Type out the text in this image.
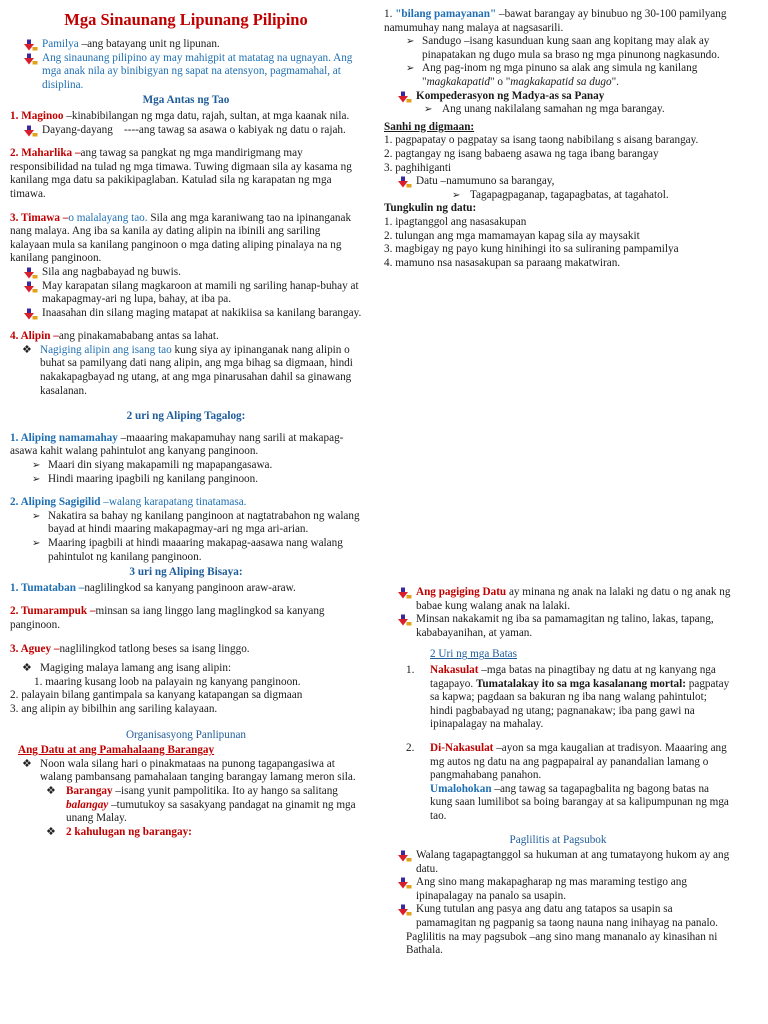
Mga Sinaunang Lipunang Pilipino
Pamilya –ang batayang unit ng lipunan.
Ang sinaunang pilipino ay may mahigpit at matatag na ugnayan. Ang mga anak nila ay binibigyan ng sapat na atensyon, pagmamahal, at disiplina.
Mga Antas ng Tao

1. Maginoo –kinabibilangan ng mga datu, rajah, sultan, at mga kaanak nila.

Dayang-dayang    ----ang tawag sa asawa o kabiyak ng datu o rajah.

2. Maharlika –ang tawag sa pangkat ng mga mandirigmang may responsibilidad na tulad ng mga timawa. Tuwing digmaan sila ay kasama ng kanilang mga datu sa pakikipaglaban. Katulad sila ng karapatan ng mga timawa.

3. Timawa –o malalayang tao. Sila ang mga karaniwang tao na ipinanganak nang malaya. Ang iba sa kanila ay dating alipin na ibinili ang sariling kalayaan mula sa kanilang panginoon o mga dating aliping pinalaya na ng kanilang panginoon.

Sila ang nagbabayad ng buwis.
May karapatan silang magkaroon at mamili ng sariling hanap-buhay at makapagmay-ari ng lupa, bahay, at iba pa.
Inaasahan din silang maging matapat at nakikiisa sa kanilang barangay.

4. Alipin –ang pinakamababang antas sa lahat.

❖ Nagiging alipin ang isang tao kung siya ay ipinanganak nang alipin o buhat sa pamilyang dati nang alipin, ang mga bihag sa digmaan, hindi nakakapagbayad ng utang, at ang mga pinarusahan dahil sa ginawang kasalanan.
2 uri ng Aliping Tagalog:

1. Aliping namamahay –maaaring makapamuhay nang sarili at makapag-asawa kahit walang pahintulot ang kanyang panginoon.

➢ Maari din siyang makapamili ng mapapangasawa.
➢ Hindi maaring ipagbili ng kanilang panginoon.

2. Aliping Sagigilid –walang karapatang tinatamasa.

➢ Nakatira sa bahay ng kanilang panginoon at nagtatrabahon ng walang bayad at hindi maaring makapagmay-ari ng mga ari-arian.
➢ Maaring ipagbili at hindi maaaring makapag-aasawa nang walang pahintulot ng kanilang panginoon.
3 uri ng Aliping Bisaya:

1. Tumataban –naglilingkod sa kanyang panginoon araw-araw.

2. Tumarampuk –minsan sa iang linggo lang maglingkod sa kanyang panginoon.

3. Aguey –naglilingkod tatlong beses sa isang linggo.

❖ Magiging malaya lamang ang isang alipin:

1. maaring kusang loob na palayain ng kanyang panginoon.

2. palayain bilang gantimpala sa kanyang katapangan sa digmaan

3. ang alipin ay bibilhin ang sariling kalayaan.

Organisasyong Panlipunan

Ang Datu at ang Pamahalaang Barangay

❖ Noon wala silang hari o pinakmataas na punong tagapangasiwa at walang pambansang pamahalaan tanging barangay lamang meron sila.
❖ Barangay –isang yunit pampolitika. Ito ay hango sa salitang balangay –tumutukoy sa sasakyang pandagat na ginamit ng mga unang Malay.
❖ 2 kahulugan ng barangay:

1. "bilang pamayanan" –bawat barangay ay binubuo ng 30-100 pamilyang namumuhay nang malaya at nagsasarili.

➢ Sandugo –isang kasunduan kung saan ang kopitang may alak ay pinapatakan ng dugo mula sa braso ng mga pinunong nagkasundo.
➢ Ang pag-inom ng mga pinuno sa alak ang simula ng kanilang "magkakapatid" o "magkakapatid sa dugo".
Kompederasyon ng Madya-as sa Panay
➢ Ang unang nakilalang samahan ng mga barangay.

Sanhi ng digmaan:

1. pagpapatay o pagpatay sa isang taong nabibilang s aisang barangay.

2. pagtangay ng isang babaeng asawa ng taga ibang barangay

3. paghihiganti

Datu –namumuno sa barangay,
➢ Tagapagpaganap, tagapagbatas, at tagahatol.

Tungkulin ng datu:

1. ipagtanggol ang nasasakupan

2. tulungan ang mga mamamayan kapag sila ay maysakit

3. magbigay ng payo kung hinihingi ito sa suliraning pampamilya

4. mamuno nsa nasasakupan sa paraang makatwiran.

Ang pagiging Datu ay minana ng anak na lalaki ng datu o ng anak ng babae kung walang anak na lalaki.
Minsan nakakamit ng iba sa pamamagitan ng talino, lakas, tapang, kababayanihan, at yaman.
2 Uri ng mga Batas
1. Nakasulat –mga batas na pinagtibay ng datu at ng kanyang nga tagapayo. Tumatalakay ito sa mga kasalanang mortal: pagpatay sa kapwa; pagdaan sa bakuran ng iba nang walang pahintulot; hindi pagbabayad ng utang; pagnanakaw; iba pang gawi na ipinapalagay na mahalay.
2. Di-Nakasulat –ayon sa mga kaugalian at tradisyon. Maaaring ang mg autos ng datu na ang pagpapairal ay panandalian lamang o pangmahabang panahon.
Umalohokan –ang tawag sa tagapagbalita ng bagong batas na kung saan lumilibot sa boing barangay at sa kalipumpunan ng mga tao.
Paglilitis at Pagsubok
Walang tagapagtanggol sa hukuman at ang tumatayong hukom ay ang datu.
Ang sino mang makapagharap ng mas maraming testigo ang ipinapalagay na panalo sa usapin.
Kung tutulan ang pasya ang datu ang tatapos sa usapin sa pamamagitan ng pagpanig sa taong nauna nang inihayag na panalo.

Paglilitis na may pagsubok –ang sino mang mananalo ay kinasihan ni Bathala.
